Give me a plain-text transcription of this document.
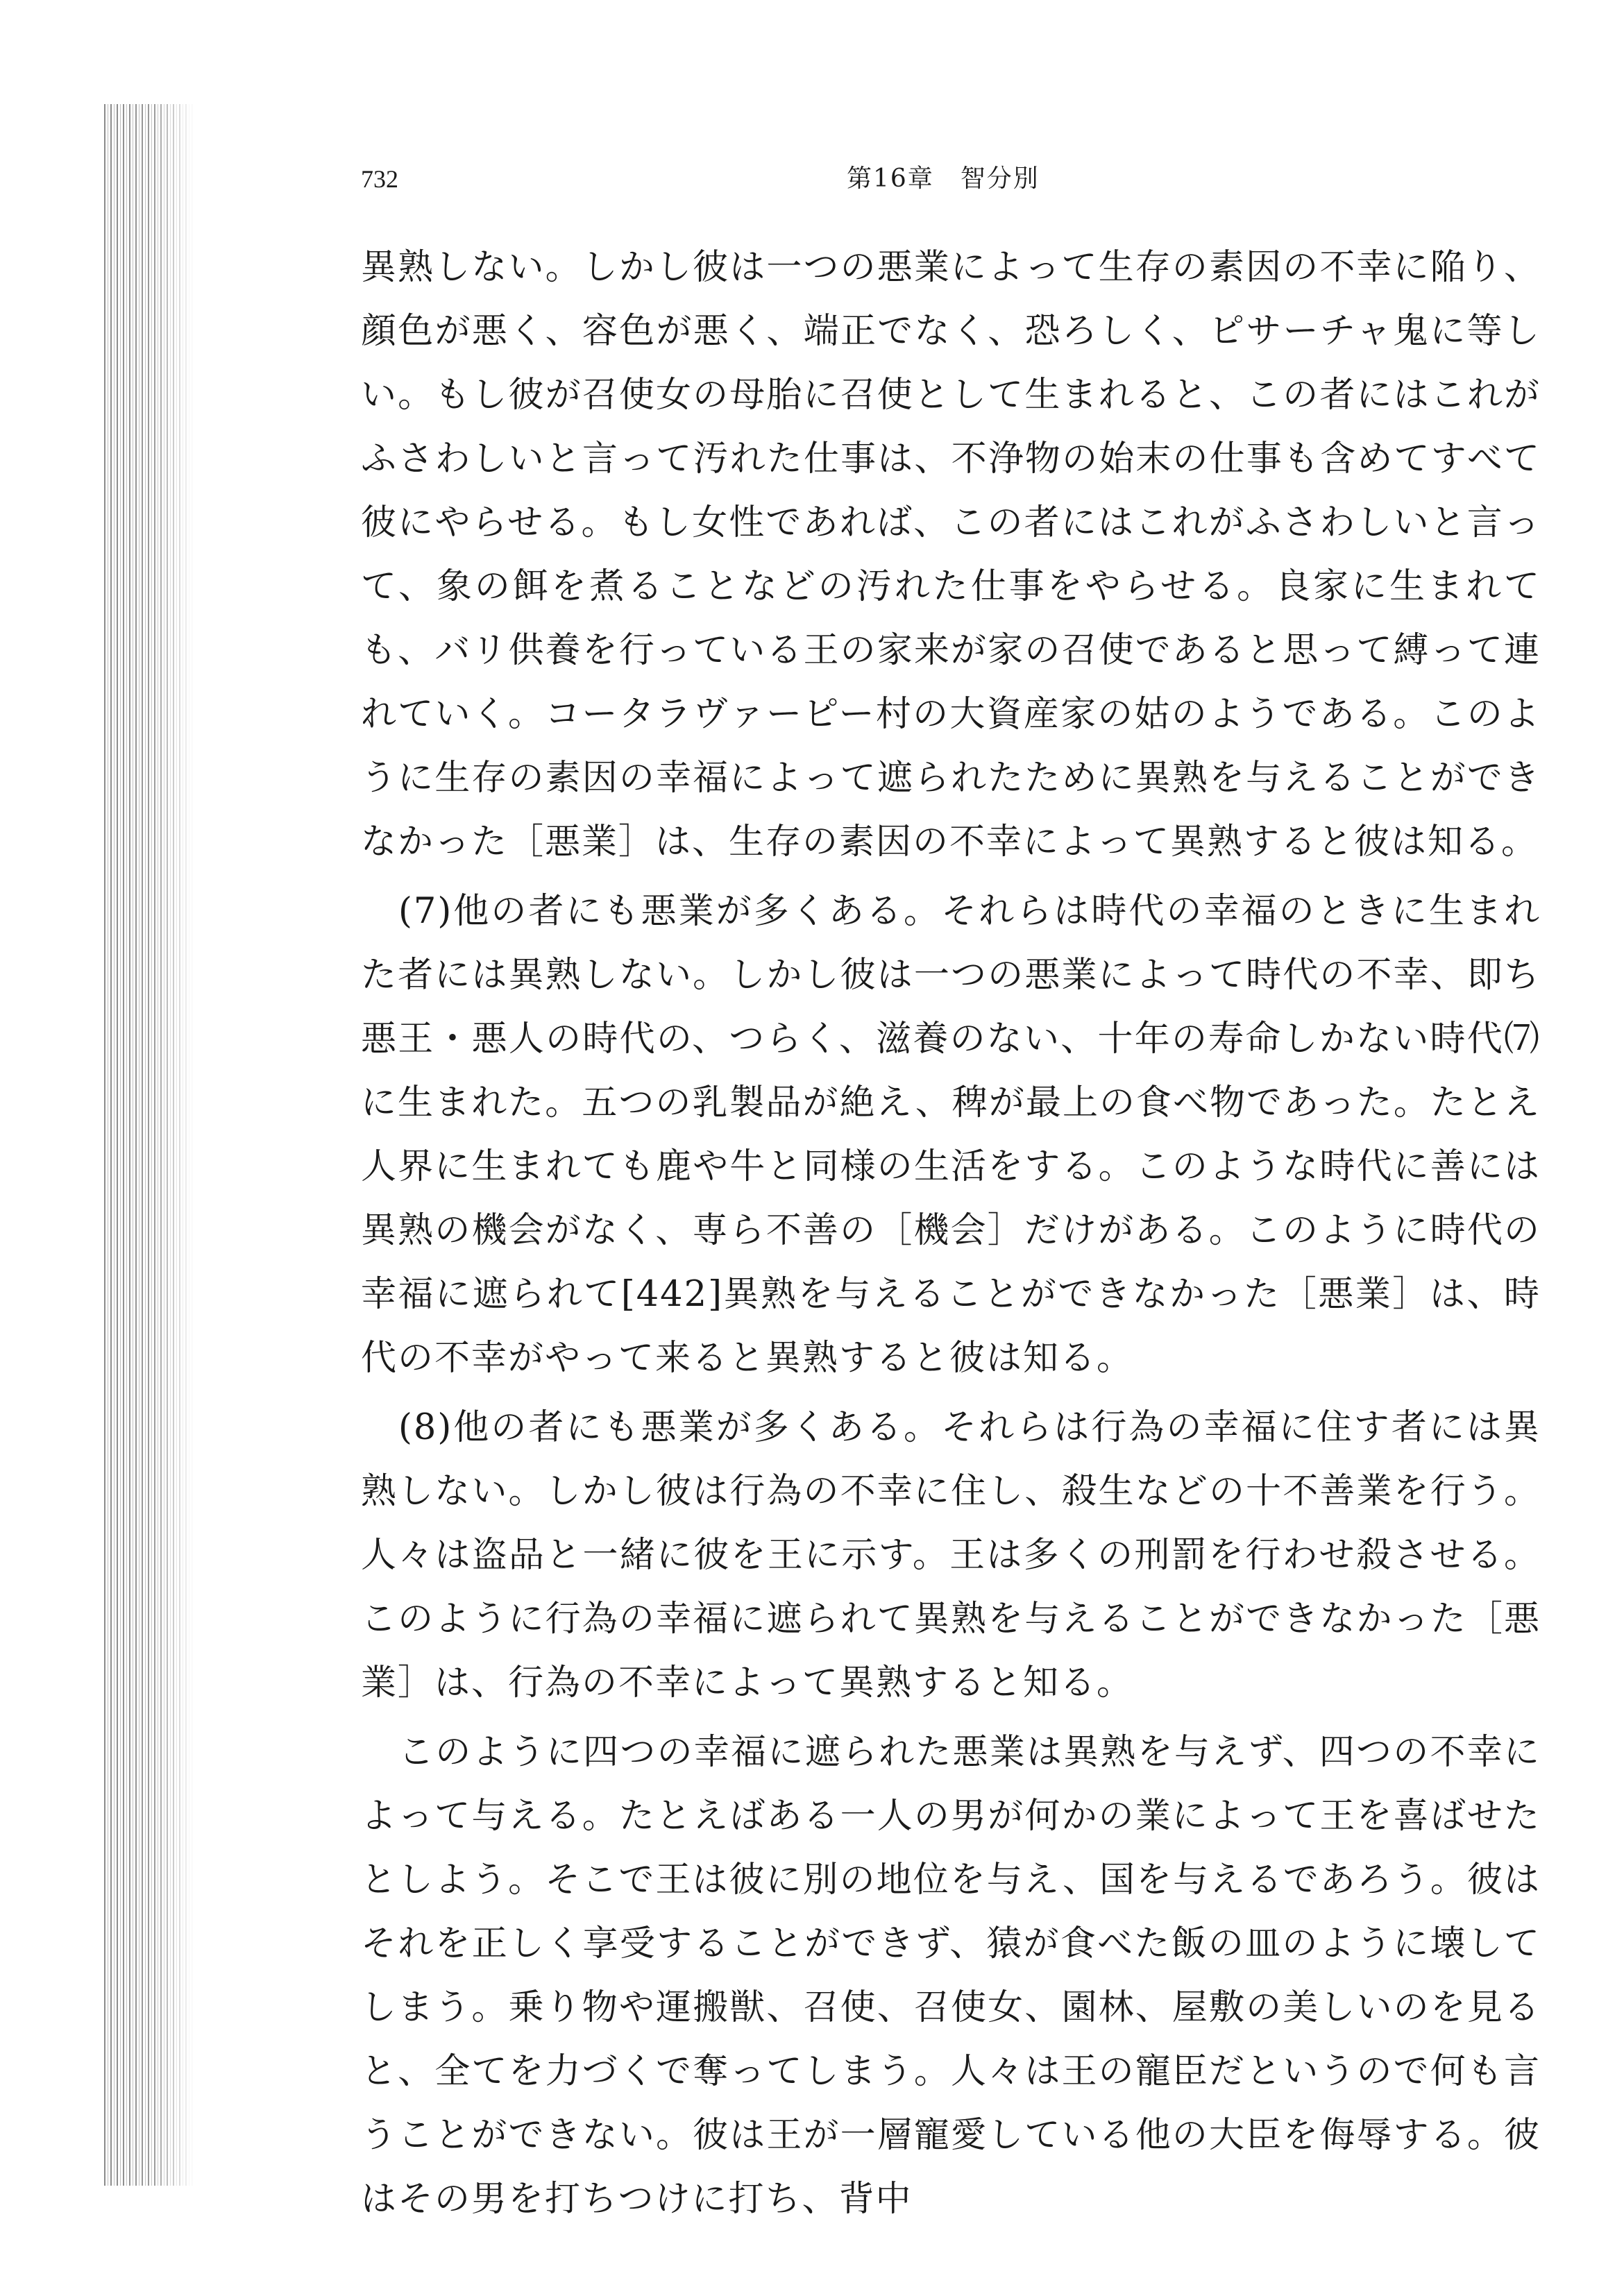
732	第16章　智分別

異熟しない。しかし彼は一つの悪業によって生存の素因の不幸に陥り、顔色が悪く、容色が悪く、端正でなく、恐ろしく、ピサーチャ鬼に等しい。もし彼が召使女の母胎に召使として生まれると、この者にはこれがふさわしいと言って汚れた仕事は、不浄物の始末の仕事も含めてすべて彼にやらせる。もし女性であれば、この者にはこれがふさわしいと言って、象の餌を煮ることなどの汚れた仕事をやらせる。良家に生まれても、バリ供養を行っている王の家来が家の召使であると思って縛って連れていく。コータラヴァーピー村の大資産家の姑のようである。このように生存の素因の幸福によって遮られたために異熟を与えることができなかった［悪業］は、生存の素因の不幸によって異熟すると彼は知る。

(7)他の者にも悪業が多くある。それらは時代の幸福のときに生まれた者には異熟しない。しかし彼は一つの悪業によって時代の不幸、即ち悪王・悪人の時代の、つらく、滋養のない、十年の寿命しかない時代⑺に生まれた。五つの乳製品が絶え、稗が最上の食べ物であった。たとえ人界に生まれても鹿や牛と同様の生活をする。このような時代に善には異熟の機会がなく、専ら不善の［機会］だけがある。このように時代の幸福に遮られて[442]異熟を与えることができなかった［悪業］は、時代の不幸がやって来ると異熟すると彼は知る。

(8)他の者にも悪業が多くある。それらは行為の幸福に住す者には異熟しない。しかし彼は行為の不幸に住し、殺生などの十不善業を行う。人々は盗品と一緒に彼を王に示す。王は多くの刑罰を行わせ殺させる。このように行為の幸福に遮られて異熟を与えることができなかった［悪業］は、行為の不幸によって異熟すると知る。

このように四つの幸福に遮られた悪業は異熟を与えず、四つの不幸によって与える。たとえばある一人の男が何かの業によって王を喜ばせたとしよう。そこで王は彼に別の地位を与え、国を与えるであろう。彼はそれを正しく享受することができず、猿が食べた飯の皿のように壊してしまう。乗り物や運搬獣、召使、召使女、園林、屋敷の美しいのを見ると、全てを力づくで奪ってしまう。人々は王の寵臣だというので何も言うことができない。彼は王が一層寵愛している他の大臣を侮辱する。彼はその男を打ちつけに打ち、背中
